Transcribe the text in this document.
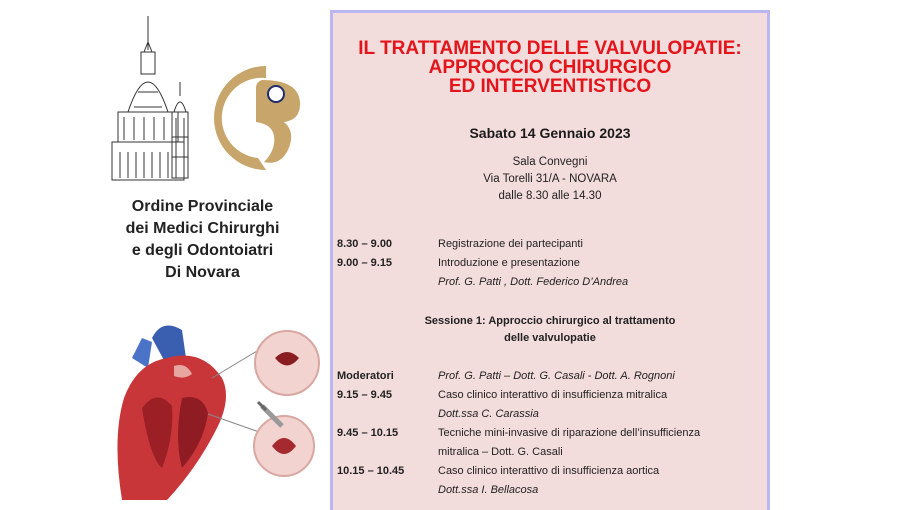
Ordine Provinciale
dei Medici Chirurghi
e degli Odontoiatri
Di Novara
IL TRATTAMENTO DELLE VALVULOPATIE:
APPROCCIO CHIRURGICO
ED INTERVENTISTICO
Sabato 14 Gennaio 2023
Sala Convegni
Via Torelli 31/A - NOVARA
dalle 8.30 alle 14.30
8.30 – 9.00	Registrazione dei partecipanti
9.00 – 9.15	Introduzione e presentazione
Prof. G. Patti , Dott. Federico D’Andrea
Sessione 1: Approccio chirurgico al trattamento
delle valvulopatie
Moderatori	Prof. G. Patti – Dott. G. Casali - Dott. A. Rognoni
9.15 – 9.45	Caso clinico interattivo di insufficienza mitralica
Dott.ssa C. Carassia
9.45 – 10.15	Tecniche mini-invasive di riparazione dell’insufficienza
mitralica – Dott. G. Casali
10.15 – 10.45	Caso clinico interattivo di insufficienza aortica
Dott.ssa I. Bellacosa
